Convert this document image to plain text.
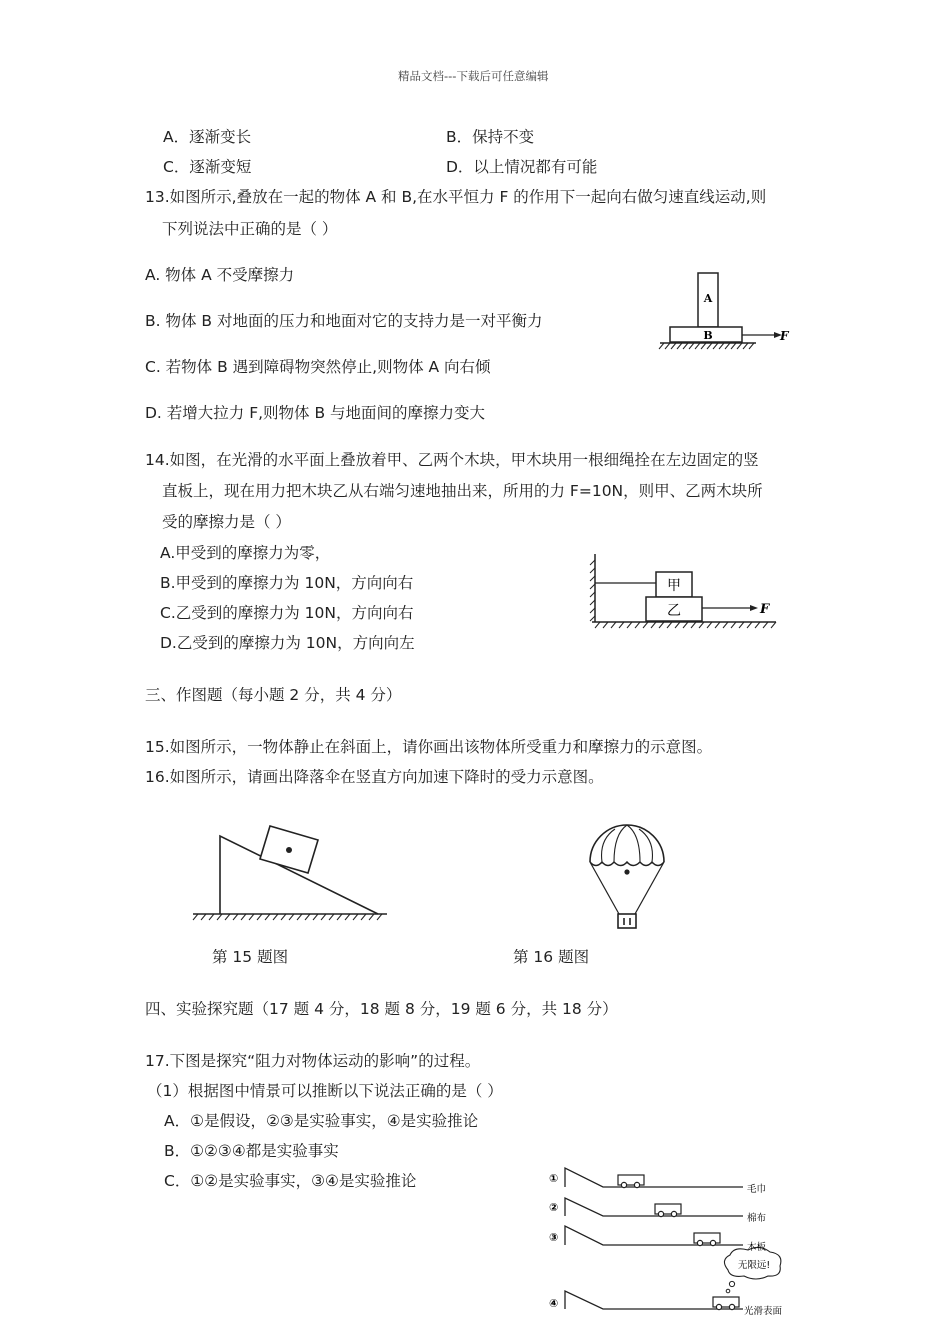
精品文档---下载后可任意编辑
A．逐渐变长	B．保持不变
C．逐渐变短	D．以上情况都有可能
13.如图所示,叠放在一起的物体 A 和 B,在水平恒力 F 的作用下一起向右做匀速直线运动,则
下列说法中正确的是（ ）
A. 物体 A 不受摩擦力
B. 物体 B 对地面的压力和地面对它的支持力是一对平衡力
C. 若物体 B 遇到障碍物突然停止,则物体 A 向右倾
D. 若增大拉力 F,则物体 B 与地面间的摩擦力变大
A
B	F
14.如图，在光滑的水平面上叠放着甲、乙两个木块，甲木块用一根细绳拴在左边固定的竖
直板上，现在用力把木块乙从右端匀速地抽出来，所用的力 F=10N，则甲、乙两木块所
受的摩擦力是（ ）
A.甲受到的摩擦力为零，
B.甲受到的摩擦力为 10N，方向向右
C.乙受到的摩擦力为 10N，方向向右
D.乙受到的摩擦力为 10N，方向向左
甲
乙	F
三、作图题（每小题 2 分，共 4 分）
15.如图所示，一物体静止在斜面上，请你画出该物体所受重力和摩擦力的示意图。
16.如图所示，请画出降落伞在竖直方向加速下降时的受力示意图。
第 15 题图	第 16 题图
四、实验探究题（17 题 4 分，18 题 8 分，19 题 6 分，共 18 分）
17.下图是探究“阻力对物体运动的影响”的过程。
（1）根据图中情景可以推断以下说法正确的是（ ）
A．①是假设，②③是实验事实，④是实验推论
B．①②③④都是实验事实
C．①②是实验事实，③④是实验推论	①
②
③
④
无限远!
毛巾
棉布
木板
光滑表面
